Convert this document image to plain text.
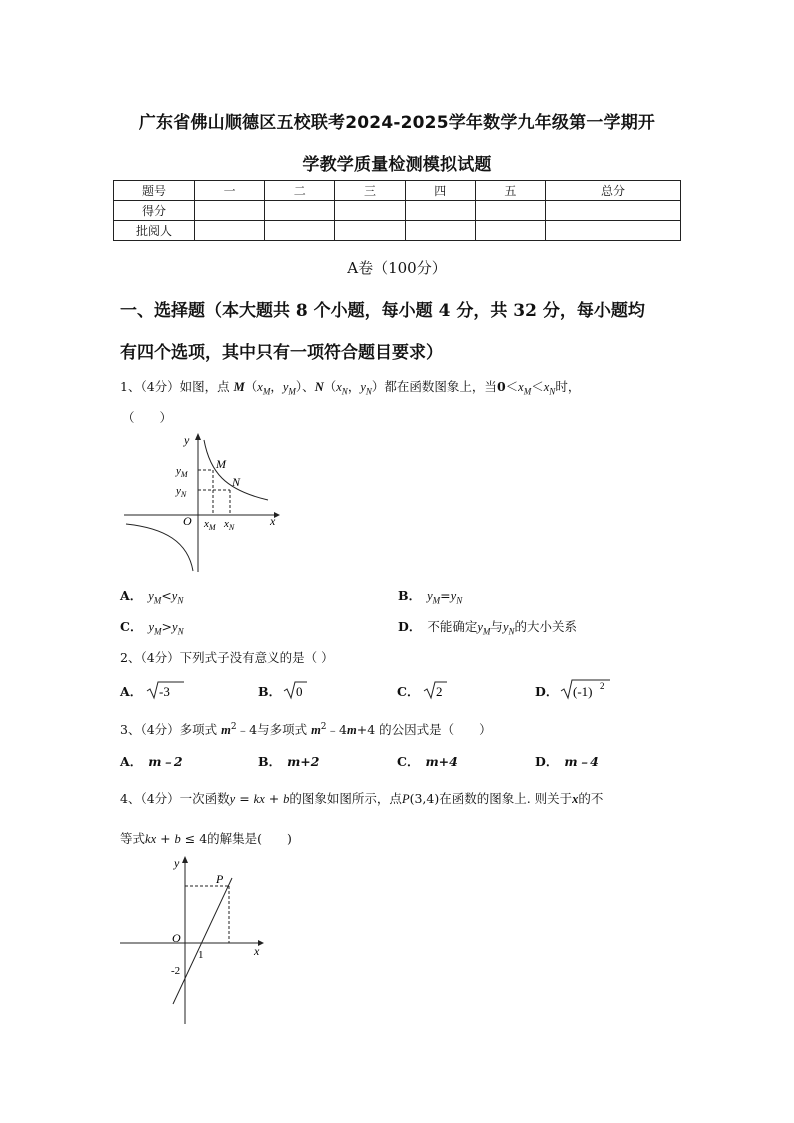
广东省佛山顺德区五校联考2024-2025学年数学九年级第一学期开
学教学质量检测模拟试题
题号	一	二	三	四	五	总分
得分						
批阅人						
A卷（100分）
一、选择题（本大题共 8 个小题，每小题 4 分，共 32 分，每小题均
有四个选项，其中只有一项符合题目要求）
1、（4分）如图，点 $M(x_M$，$y_M$）、$N(x_N$，$y_N$）都在函数图象上，当$0<x_M<x_N$时，
（　　）
y
x
O
M
N
$y_M$
$y_N$
$x_M$ $x_N$
A． $y_M<y_N$	B． $y_M=y_N$
C． $y_M>y_N$	D． 不能确定$y_M$与$y_N$的大小关系
2、（4分）下列式子没有意义的是（ ）
A．	-3	B．	0	C．	2	D．	(-1) 2
3、（4分）多项式 $m^2﹣4$与多项式 $m^2﹣4m+4$ 的公因式是（　　）
A． m﹣2	B． m+2	C． m+4	D． m﹣4
4、（4分）一次函数y = kx + b的图象如图所示，点P(3,4)在函数的图象上. 则关于x的不
等式kx + b ≤ 4的解集是(　　)
y
x
O
P
1
-2
